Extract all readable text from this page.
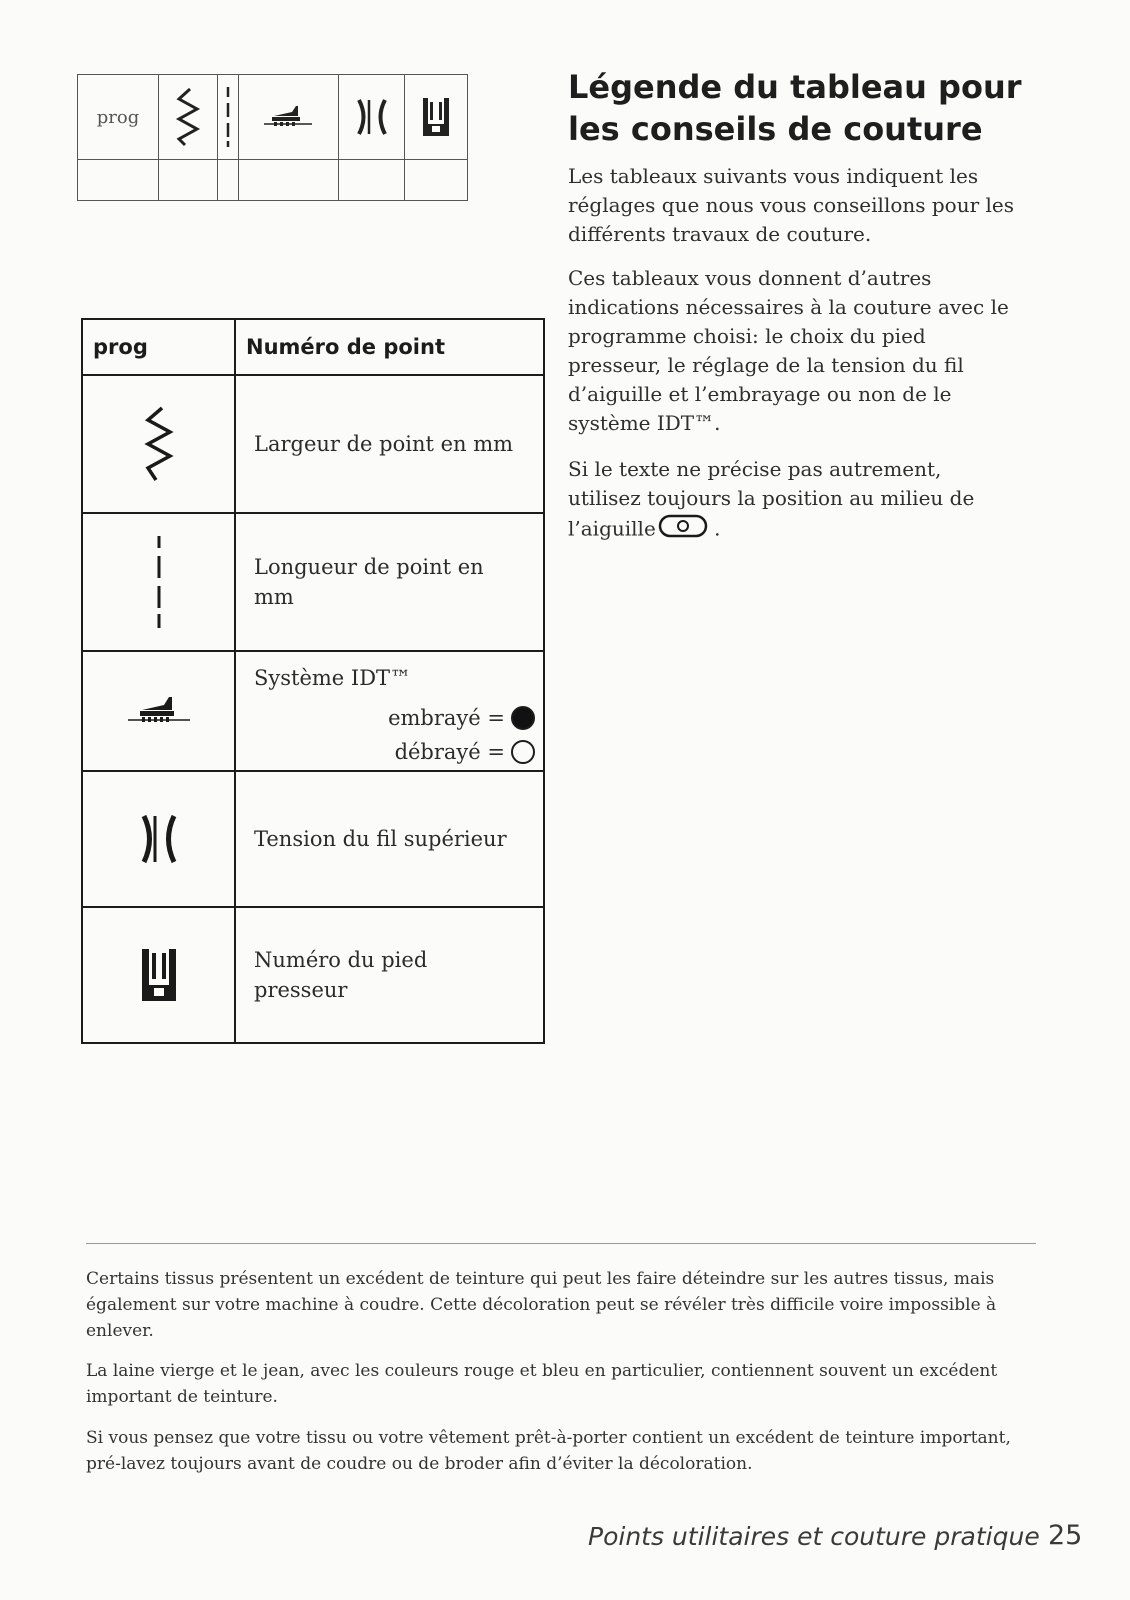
prog	

prog	Numéro de point

	Largeur de point en mm

	Longueur de point en mm

Système IDT™
embrayé =
débrayé =

	Tension du fil supérieur

	Numéro du pied presseur
Légende du tableau pour les conseils de couture

Les tableaux suivants vous indiquent les réglages que nous vous conseillons pour les différents travaux de couture.

Ces tableaux vous donnent d’autres indications nécessaires à la couture avec le programme choisi: le choix du pied presseur, le réglage de la tension du fil d’aiguille et l’embrayage ou non de le système IDT™.

Si le texte ne précise pas autrement, utilisez toujours la position au milieu de l’aiguille	.

Certains tissus présentent un excédent de teinture qui peut les faire déteindre sur les autres tissus, mais également sur votre machine à coudre. Cette décoloration peut se révéler très difficile voire impossible à enlever.

La laine vierge et le jean, avec les couleurs rouge et bleu en particulier, contiennent souvent un excédent important de teinture.

Si vous pensez que votre tissu ou votre vêtement prêt-à-porter contient un excédent de teinture important, pré-lavez toujours avant de coudre ou de broder afin d’éviter la décoloration.

Points utilitaires et couture pratique 25
